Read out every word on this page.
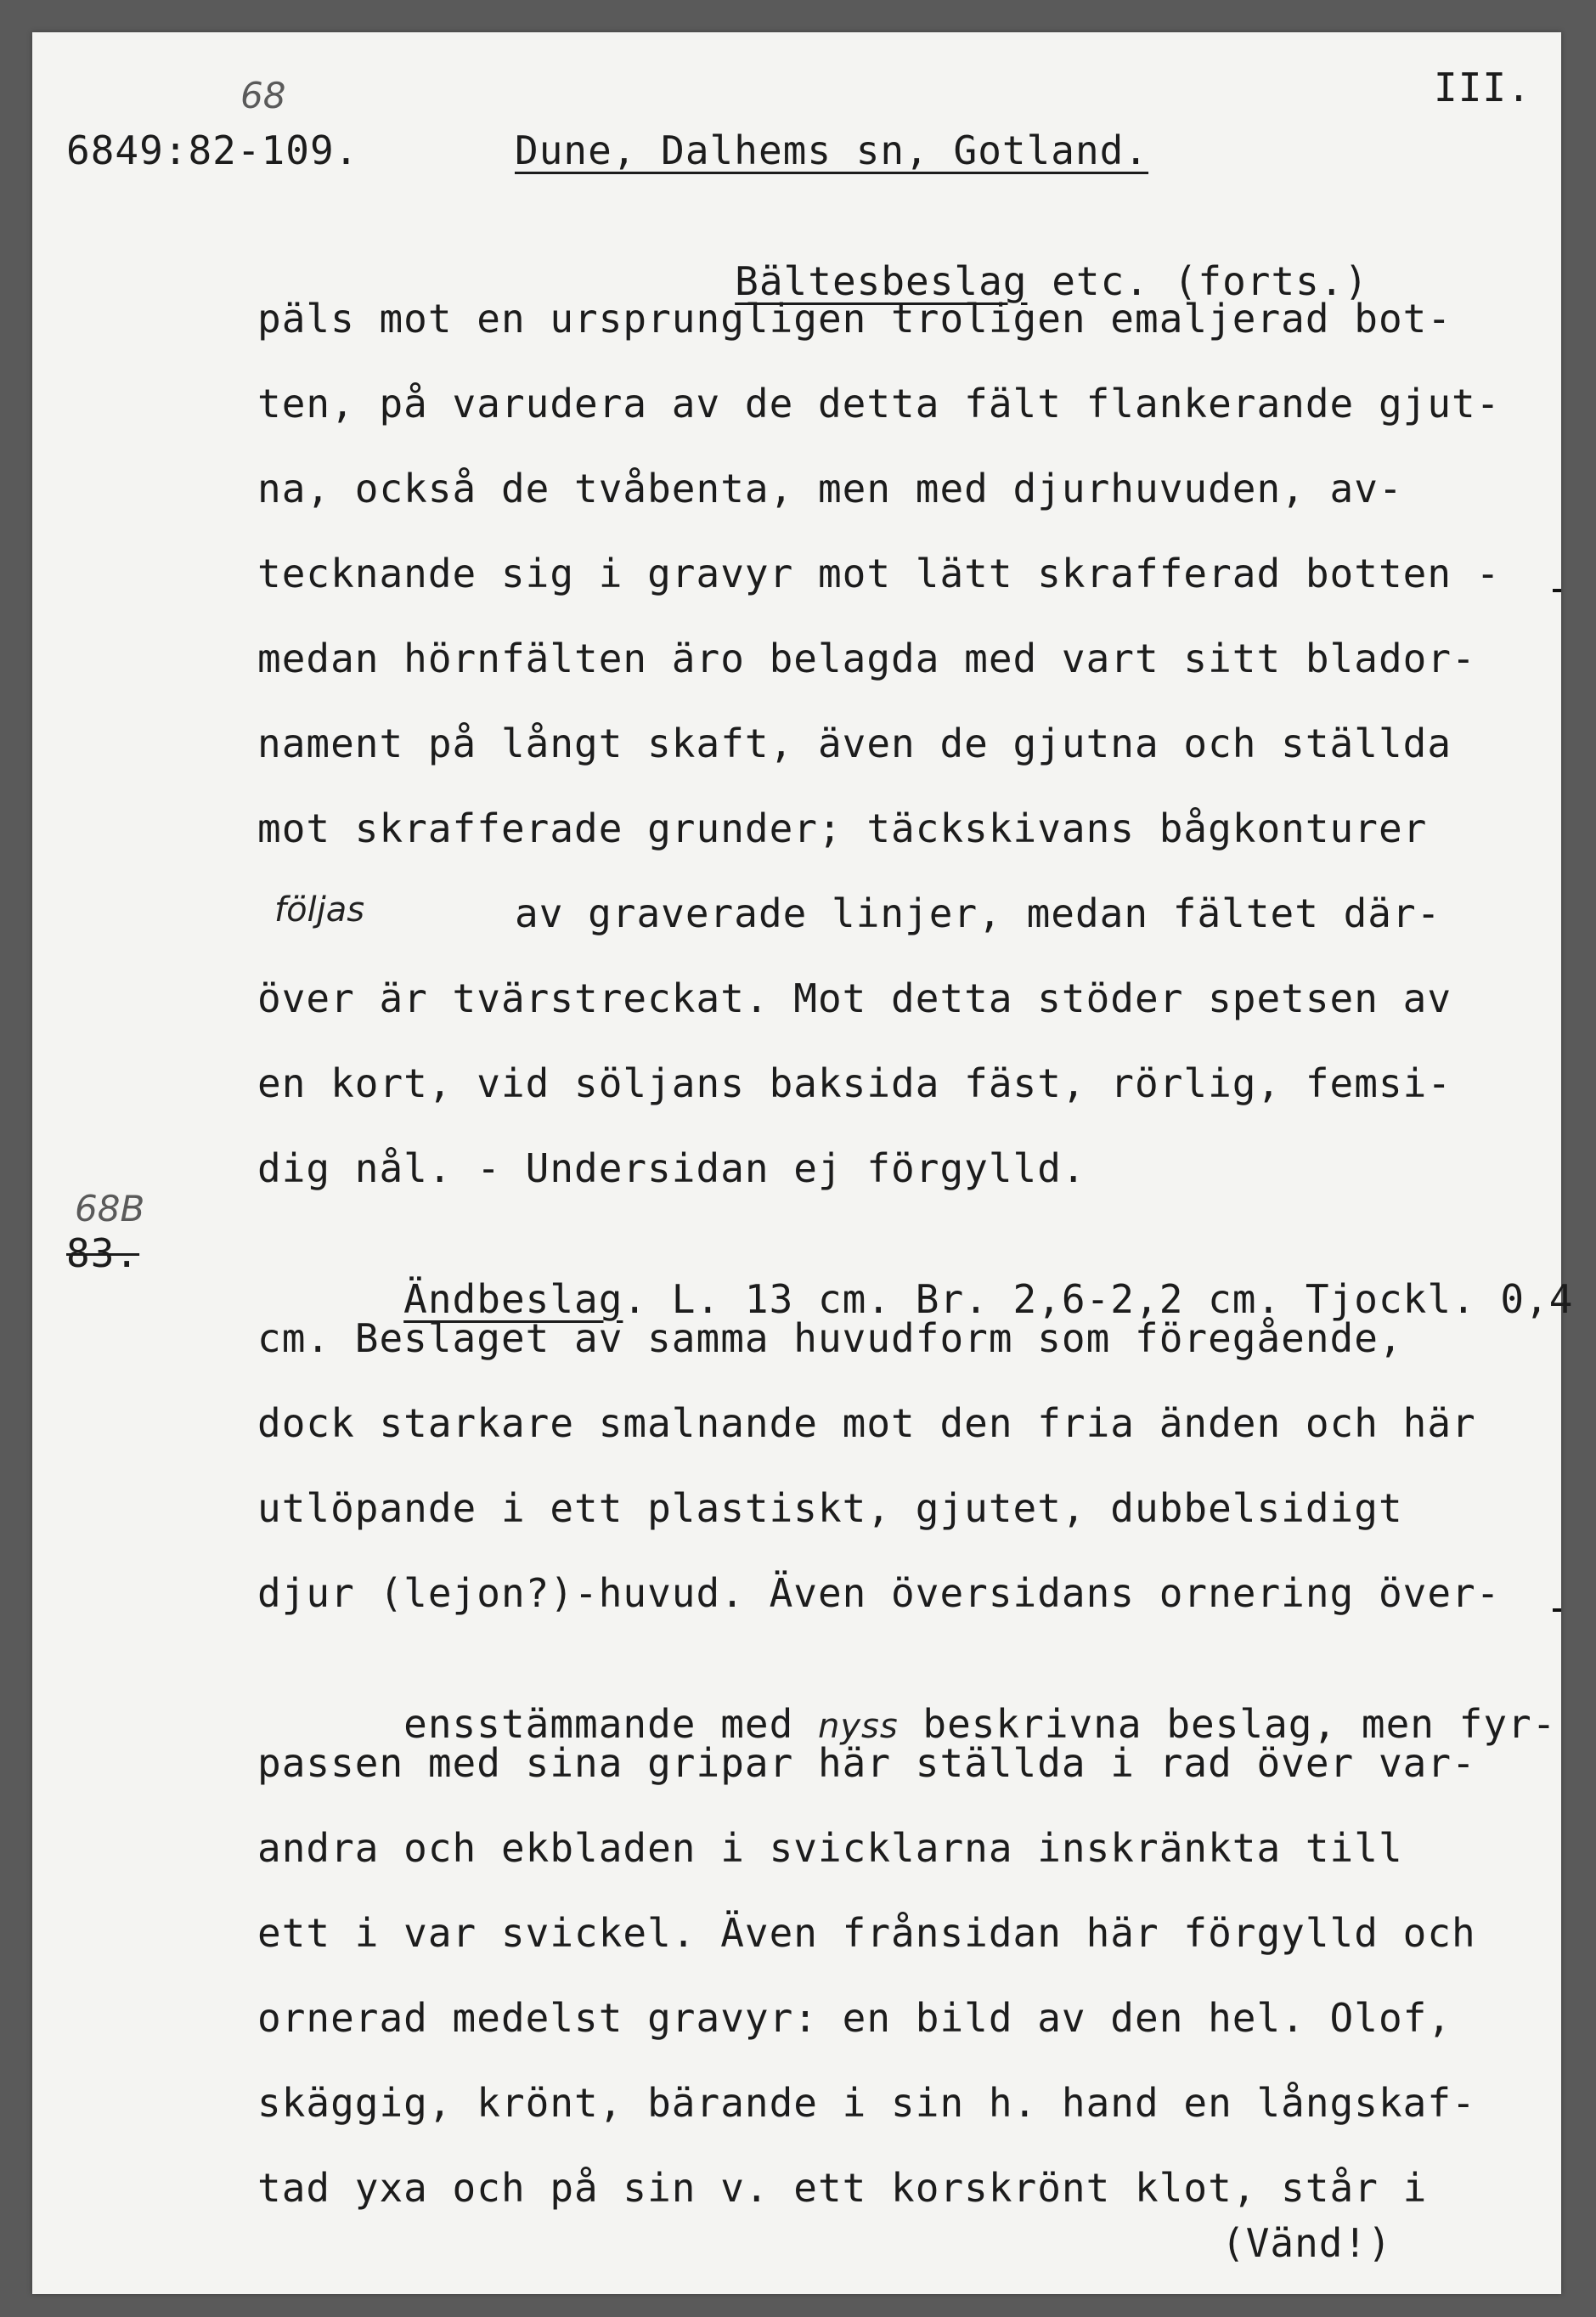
68
6849:82-109.
III.
Dune, Dalhems sn, Gotland.

Bältesbeslag etc. (forts.)

päls mot en ursprungligen troligen emaljerad bot-
ten, på varudera av de detta fält flankerande gjut-
na, också de tvåbenta, men med djurhuvuden, av-
tecknande sig i gravyr mot lätt skrafferad botten -
medan hörnfälten äro belagda med vart sitt blador-
nament på långt skaft, även de gjutna och ställda
mot skrafferade grunder; täckskivans bågkonturer
följas	av graverade linjer, medan fältet där-
över är tvärstreckat. Mot detta stöder spetsen av
en kort, vid söljans baksida fäst, rörlig, femsi-
dig nål. - Undersidan ej förgylld.
68B
83.

Ändbeslag. L. 13 cm. Br. 2,6-2,2 cm. Tjockl. 0,4

cm. Beslaget av samma huvudform som föregående,
dock starkare smalnande mot den fria änden och här
utlöpande i ett plastiskt, gjutet, dubbelsidigt
djur (lejon?)-huvud. Även översidans ornering över-

ensstämmande med nyss beskrivna beslag, men fyr-

passen med sina gripar här ställda i rad över var-
andra och ekbladen i svicklarna inskränkta till
ett i var svickel. Även frånsidan här förgylld och
ornerad medelst gravyr: en bild av den hel. Olof,
skäggig, krönt, bärande i sin h. hand en långskaf-
tad yxa och på sin v. ett korskrönt klot, står i
(Vänd!)
